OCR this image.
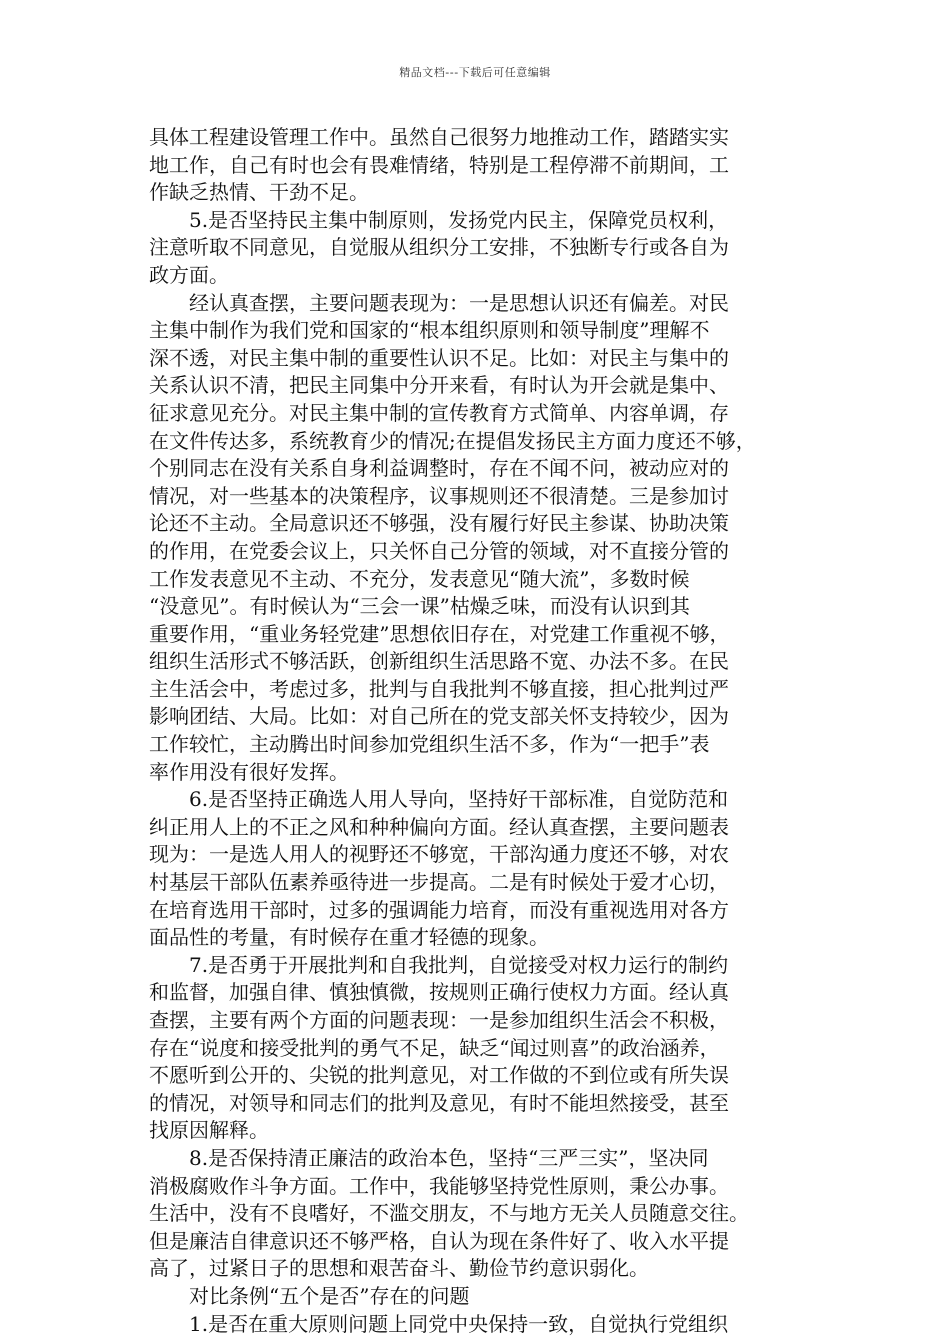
精品文档---下载后可任意编辑
具体工程建设管理工作中。虽然自己很努力地推动工作，踏踏实实
地工作，自己有时也会有畏难情绪，特别是工程停滞不前期间，工
作缺乏热情、干劲不足。
5.是否坚持民主集中制原则，发扬党内民主，保障党员权利，
注意听取不同意见，自觉服从组织分工安排，不独断专行或各自为
政方面。
经认真查摆，主要问题表现为：一是思想认识还有偏差。对民
主集中制作为我们党和国家的“根本组织原则和领导制度”理解不
深不透，对民主集中制的重要性认识不足。比如：对民主与集中的
关系认识不清，把民主同集中分开来看，有时认为开会就是集中、
征求意见充分。对民主集中制的宣传教育方式简单、内容单调，存
在文件传达多，系统教育少的情况;在提倡发扬民主方面力度还不够，
个别同志在没有关系自身利益调整时，存在不闻不问，被动应对的
情况，对一些基本的决策程序，议事规则还不很清楚。三是参加讨
论还不主动。全局意识还不够强，没有履行好民主参谋、协助决策
的作用，在党委会议上，只关怀自己分管的领域，对不直接分管的
工作发表意见不主动、不充分，发表意见“随大流”，多数时候
“没意见”。有时候认为“三会一课”枯燥乏味，而没有认识到其
重要作用，“重业务轻党建”思想依旧存在，对党建工作重视不够，
组织生活形式不够活跃，创新组织生活思路不宽、办法不多。在民
主生活会中，考虑过多，批判与自我批判不够直接，担心批判过严
影响团结、大局。比如：对自己所在的党支部关怀支持较少，因为
工作较忙，主动腾出时间参加党组织生活不多，作为“一把手”表
率作用没有很好发挥。
6.是否坚持正确选人用人导向，坚持好干部标准，自觉防范和
纠正用人上的不正之风和种种偏向方面。经认真查摆，主要问题表
现为：一是选人用人的视野还不够宽，干部沟通力度还不够，对农
村基层干部队伍素养亟待进一步提高。二是有时候处于爱才心切，
在培育选用干部时，过多的强调能力培育，而没有重视选用对各方
面品性的考量，有时候存在重才轻德的现象。
7.是否勇于开展批判和自我批判，自觉接受对权力运行的制约
和监督，加强自律、慎独慎微，按规则正确行使权力方面。经认真
查摆，主要有两个方面的问题表现：一是参加组织生活会不积极，
存在“说度和接受批判的勇气不足，缺乏“闻过则喜”的政治涵养，
不愿听到公开的、尖锐的批判意见，对工作做的不到位或有所失误
的情况，对领导和同志们的批判及意见，有时不能坦然接受，甚至
找原因解释。
8.是否保持清正廉洁的政治本色，坚持“三严三实”，坚决同
消极腐败作斗争方面。工作中，我能够坚持党性原则，秉公办事。
生活中，没有不良嗜好，不滥交朋友，不与地方无关人员随意交往。
但是廉洁自律意识还不够严格，自认为现在条件好了、收入水平提
高了，过紧日子的思想和艰苦奋斗、勤俭节约意识弱化。
对比条例“五个是否”存在的问题
1.是否在重大原则问题上同党中央保持一致，自觉执行党组织
